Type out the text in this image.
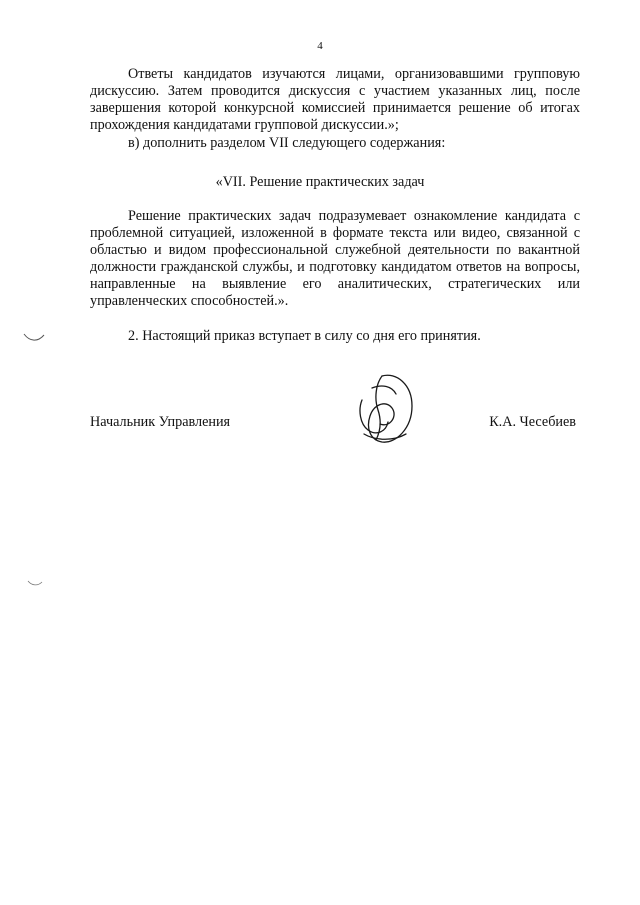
4

Ответы кандидатов изучаются лицами, организовавшими групповую дискуссию. Затем проводится дискуссия с участием указанных лиц, после завершения которой конкурсной комиссией принимается решение об итогах прохождения кандидатами групповой дискуссии.»;

в) дополнить разделом VII следующего содержания:

«VII. Решение практических задач

Решение практических задач подразумевает ознакомление кандидата с проблемной ситуацией, изложенной в формате текста или видео, связанной с областью и видом профессиональной служебной деятельности по вакантной должности гражданской службы, и подготовку кандидатом ответов на вопросы, направленные на выявление его аналитических, стратегических или управленческих способностей.».

2. Настоящий приказ вступает в силу со дня его принятия.

Начальник Управления	К.А. Чесебиев
